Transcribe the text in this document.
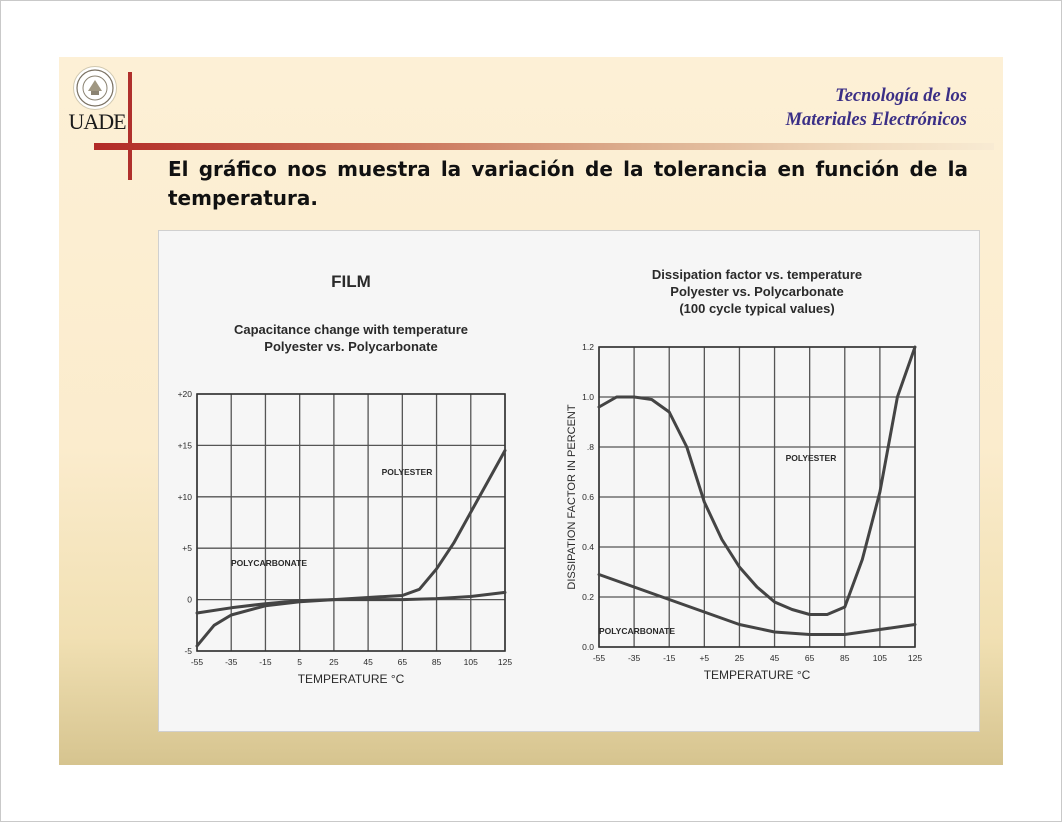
UADE
Tecnología de los
Materiales Electrónicos
El gráfico nos muestra la variación de la tolerancia en función de la temperatura.
FILM
Capacitance change with temperature
Polyester vs. Polycarbonate
-55	-35	-15	5	25	45	65	85	105 125
+20
+15
+10
+5
0
-5
TEMPERATURE °C
POLYESTER
POLYCARBONATE
Dissipation factor vs. temperature
Polyester vs. Polycarbonate
(100 cycle typical values)
-55	-35	-15	+5	25	45	65	85	105 125
1.2
1.0
.8
0.6
0.4
0.2
0.0
TEMPERATURE °C
DISSIPATION FACTOR IN PERCENT	POLYESTER
POLYCARBONATE
